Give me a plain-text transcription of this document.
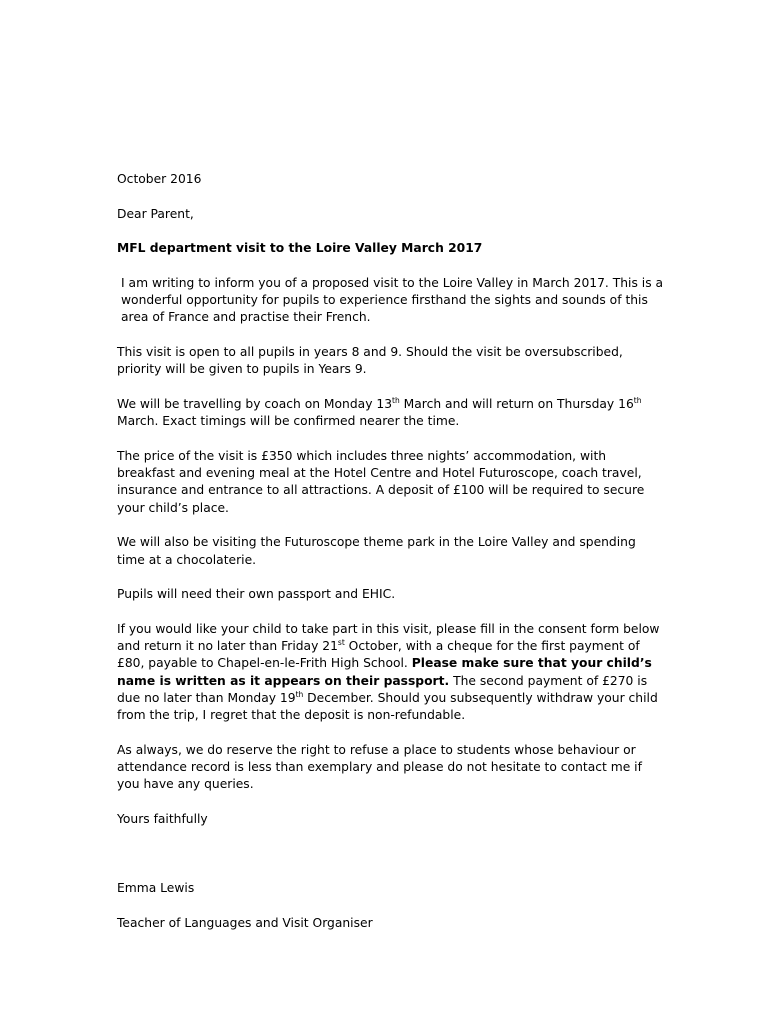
October 2016

Dear Parent,

MFL department visit to the Loire Valley March 2017

I am writing to inform you of a proposed visit to the Loire Valley in March 2017. This is a wonderful opportunity for pupils to experience firsthand the sights and sounds of this area of France and practise their French.

This visit is open to all pupils in years 8 and 9. Should the visit be oversubscribed, priority will be given to pupils in Years 9.

We will be travelling by coach on Monday 13th March and will return on Thursday 16th March. Exact timings will be confirmed nearer the time.

The price of the visit is £350 which includes three nights’ accommodation, with breakfast and evening meal at the Hotel Centre and Hotel Futuroscope, coach travel, insurance and entrance to all attractions. A deposit of £100 will be required to secure your child’s place.

We will also be visiting the Futuroscope theme park in the Loire Valley and spending time at a chocolaterie.

Pupils will need their own passport and EHIC.

If you would like your child to take part in this visit, please fill in the consent form below and return it no later than Friday 21st October, with a cheque for the first payment of £80, payable to Chapel-en-le-Frith High School. Please make sure that your child’s name is written as it appears on their passport. The second payment of £270 is due no later than Monday 19th December. Should you subsequently withdraw your child from the trip, I regret that the deposit is non-refundable.

As always, we do reserve the right to refuse a place to students whose behaviour or attendance record is less than exemplary and please do not hesitate to contact me if you have any queries.

Yours faithfully

Emma Lewis

Teacher of Languages and Visit Organiser
